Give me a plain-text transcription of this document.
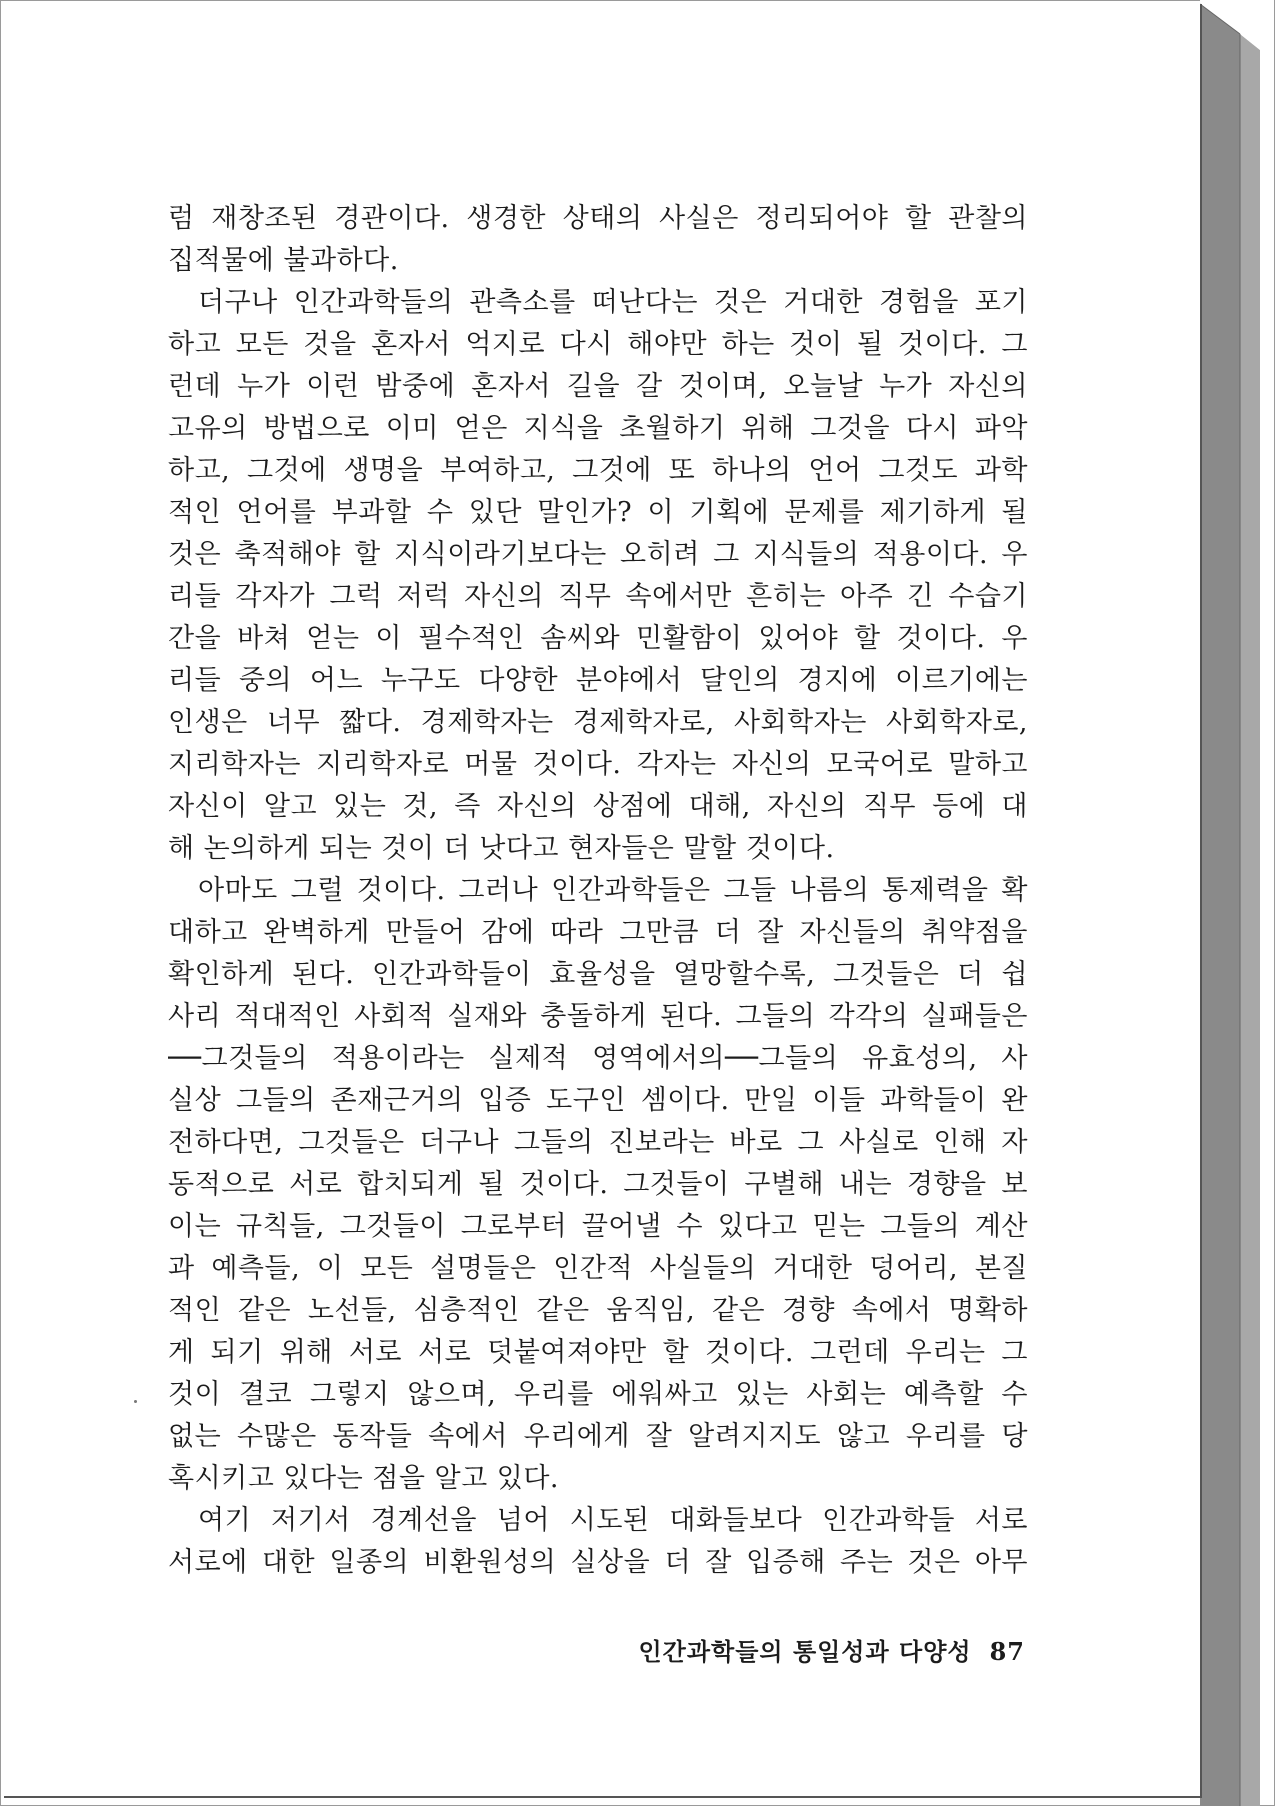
럼 재창조된 경관이다. 생경한 상태의 사실은 정리되어야 할 관찰의
집적물에 불과하다.
더구나 인간과학들의 관측소를 떠난다는 것은 거대한 경험을 포기
하고 모든 것을 혼자서 억지로 다시 해야만 하는 것이 될 것이다. 그
런데 누가 이런 밤중에 혼자서 길을 갈 것이며, 오늘날 누가 자신의
고유의 방법으로 이미 얻은 지식을 초월하기 위해 그것을 다시 파악
하고, 그것에 생명을 부여하고, 그것에 또 하나의 언어 그것도 과학
적인 언어를 부과할 수 있단 말인가? 이 기획에 문제를 제기하게 될
것은 축적해야 할 지식이라기보다는 오히려 그 지식들의 적용이다. 우
리들 각자가 그럭 저럭 자신의 직무 속에서만 흔히는 아주 긴 수습기
간을 바쳐 얻는 이 필수적인 솜씨와 민활함이 있어야 할 것이다. 우
리들 중의 어느 누구도 다양한 분야에서 달인의 경지에 이르기에는
인생은 너무 짧다. 경제학자는 경제학자로, 사회학자는 사회학자로,
지리학자는 지리학자로 머물 것이다. 각자는 자신의 모국어로 말하고
자신이 알고 있는 것, 즉 자신의 상점에 대해, 자신의 직무 등에 대
해 논의하게 되는 것이 더 낫다고 현자들은 말할 것이다.
아마도 그럴 것이다. 그러나 인간과학들은 그들 나름의 통제력을 확
대하고 완벽하게 만들어 감에 따라 그만큼 더 잘 자신들의 취약점을
확인하게 된다. 인간과학들이 효율성을 열망할수록, 그것들은 더 쉽
사리 적대적인 사회적 실재와 충돌하게 된다. 그들의 각각의 실패들은
──그것들의 적용이라는 실제적 영역에서의──그들의 유효성의, 사
실상 그들의 존재근거의 입증 도구인 셈이다. 만일 이들 과학들이 완
전하다면, 그것들은 더구나 그들의 진보라는 바로 그 사실로 인해 자
동적으로 서로 합치되게 될 것이다. 그것들이 구별해 내는 경향을 보
이는 규칙들, 그것들이 그로부터 끌어낼 수 있다고 믿는 그들의 계산
과 예측들, 이 모든 설명들은 인간적 사실들의 거대한 덩어리, 본질
적인 같은 노선들, 심층적인 같은 움직임, 같은 경향 속에서 명확하
게 되기 위해 서로 서로 덧붙여져야만 할 것이다. 그런데 우리는 그
것이 결코 그렇지 않으며, 우리를 에워싸고 있는 사회는 예측할 수
없는 수많은 동작들 속에서 우리에게 잘 알려지지도 않고 우리를 당
혹시키고 있다는 점을 알고 있다.
여기 저기서 경계선을 넘어 시도된 대화들보다 인간과학들 서로
서로에 대한 일종의 비환원성의 실상을 더 잘 입증해 주는 것은 아무
인간과학들의 통일성과 다양성 87
